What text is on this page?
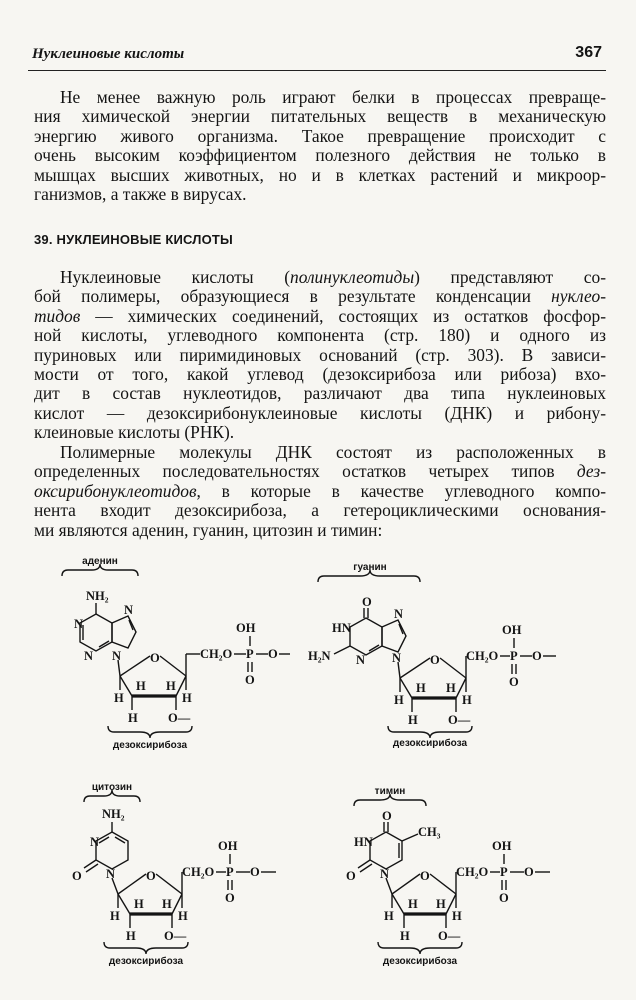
Нуклеиновые кислоты	367
Не менее важную роль играют белки в процессах превраще-
ния химической энергии питательных веществ в механическую
энергию живого организма. Такое превращение происходит с
очень высоким коэффициентом полезного действия не только в
мышцах высших животных, но и в клетках растений и микроор-
ганизмов, а также в вирусах.
39. НУКЛЕИНОВЫЕ КИСЛОТЫ
Нуклеиновые кислоты (полинуклеотиды) представляют со-
бой полимеры, образующиеся в результате конденсации нуклео-
тидов — химических соединений, состоящих из остатков фосфор-
ной кислоты, углеводного компонента (стр. 180) и одного из
пуриновых или пиримидиновых оснований (стр. 303). В зависи-
мости от того, какой углевод (дезоксирибоза или рибоза) вхо-
дит в состав нуклеотидов, различают два типа нуклеиновых
кислот — дезоксирибонуклеиновые кислоты (ДНК) и рибону-
клеиновые кислоты (РНК).
Полимерные молекулы ДНК состоят из расположенных в
определенных последовательностях остатков четырех типов дез-
оксирибонуклеотидов, в которые в качестве углеводного компо-
нента входит дезоксирибоза, а гетероциклическими основания-
ми являются аденин, гуанин, цитозин и тимин:
аденин
NH₂
N
N
N
N O	CH₂O P O
OH
O
H
H H
H
H O—
дезоксирибоза
гуанин
O
HN
N
N N
H₂N	O CH₂O P O
OH
O
H
H H
H
H O—
дезоксирибоза
цитозин
NH₂
N
N
O	O CH₂O P O
OH
O
H
H H
H
H O—
дезоксирибоза
тимин
O
CH₃
HN
N
O	O CH₂O P O
OH
O
H
H H
H
H O—
дезоксирибоза
